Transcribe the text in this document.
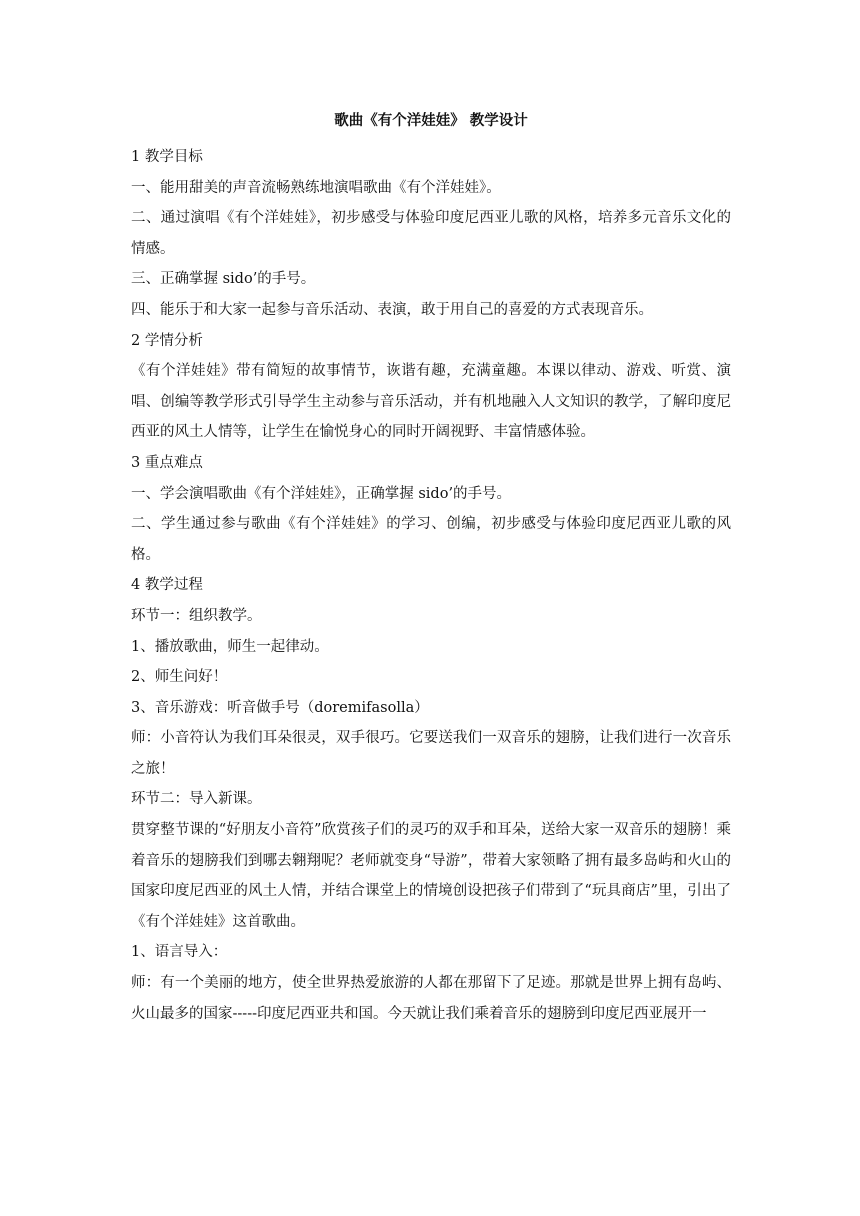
歌曲《有个洋娃娃》 教学设计

1 教学目标

一、能用甜美的声音流畅熟练地演唱歌曲《有个洋娃娃》。

二、通过演唱《有个洋娃娃》，初步感受与体验印度尼西亚儿歌的风格，培养多元音乐文化的情感。

三、正确掌握 sido’的手号。

四、能乐于和大家一起参与音乐活动、表演，敢于用自己的喜爱的方式表现音乐。

2 学情分析

《有个洋娃娃》带有简短的故事情节，诙谐有趣，充满童趣。本课以律动、游戏、听赏、演唱、创编等教学形式引导学生主动参与音乐活动，并有机地融入人文知识的教学，了解印度尼西亚的风土人情等，让学生在愉悦身心的同时开阔视野、丰富情感体验。

3 重点难点

一、学会演唱歌曲《有个洋娃娃》，正确掌握 sido’的手号。

二、学生通过参与歌曲《有个洋娃娃》的学习、创编，初步感受与体验印度尼西亚儿歌的风格。

4 教学过程

环节一：组织教学。

1、播放歌曲，师生一起律动。

2、师生问好！

3、音乐游戏：听音做手号（doremifasolla）

师：小音符认为我们耳朵很灵，双手很巧。它要送我们一双音乐的翅膀，让我们进行一次音乐之旅！

环节二：导入新课。

贯穿整节课的“好朋友小音符”欣赏孩子们的灵巧的双手和耳朵，送给大家一双音乐的翅膀！乘着音乐的翅膀我们到哪去翱翔呢？老师就变身“导游”，带着大家领略了拥有最多岛屿和火山的国家印度尼西亚的风土人情，并结合课堂上的情境创设把孩子们带到了“玩具商店”里，引出了《有个洋娃娃》这首歌曲。

1、语言导入：

师：有一个美丽的地方，使全世界热爱旅游的人都在那留下了足迹。那就是世界上拥有岛屿、火山最多的国家-----印度尼西亚共和国。今天就让我们乘着音乐的翅膀到印度尼西亚展开一
